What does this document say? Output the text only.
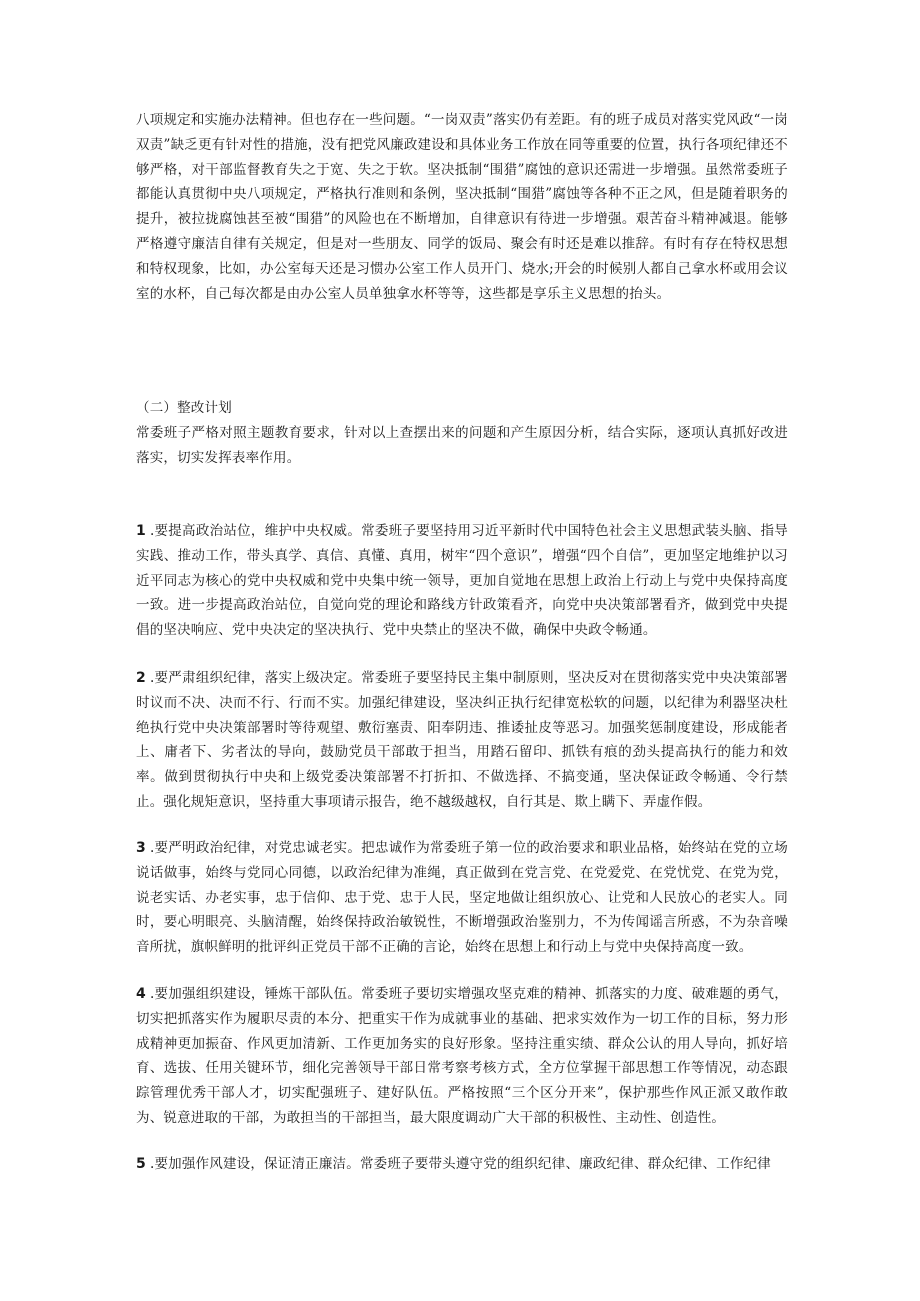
八项规定和实施办法精神。但也存在一些问题。“一岗双责”落实仍有差距。有的班子成员对落实党风政“一岗双责”缺乏更有针对性的措施，没有把党风廉政建设和具体业务工作放在同等重要的位置，执行各项纪律还不够严格，对干部监督教育失之于宽、失之于软。坚决抵制“围猎”腐蚀的意识还需进一步增强。虽然常委班子都能认真贯彻中央八项规定，严格执行准则和条例，坚决抵制“围猎”腐蚀等各种不正之风，但是随着职务的提升，被拉拢腐蚀甚至被“围猎”的风险也在不断增加，自律意识有待进一步增强。艰苦奋斗精神减退。能够严格遵守廉洁自律有关规定，但是对一些朋友、同学的饭局、聚会有时还是难以推辞。有时有存在特权思想和特权现象，比如，办公室每天还是习惯办公室工作人员开门、烧水;开会的时候别人都自己拿水杯或用会议室的水杯，自己每次都是由办公室人员单独拿水杯等等，这些都是享乐主义思想的抬头。

（二）整改计划

常委班子严格对照主题教育要求，针对以上查摆出来的问题和产生原因分析，结合实际，逐项认真抓好改进落实，切实发挥表率作用。

1 .要提高政治站位，维护中央权威。常委班子要坚持用习近平新时代中国特色社会主义思想武装头脑、指导实践、推动工作，带头真学、真信、真懂、真用，树牢“四个意识”，增强“四个自信”，更加坚定地维护以习近平同志为核心的党中央权威和党中央集中统一领导，更加自觉地在思想上政治上行动上与党中央保持高度一致。进一步提高政治站位，自觉向党的理论和路线方针政策看齐，向党中央决策部署看齐，做到党中央提倡的坚决响应、党中央决定的坚决执行、党中央禁止的坚决不做，确保中央政令畅通。

2 .要严肃组织纪律，落实上级决定。常委班子要坚持民主集中制原则，坚决反对在贯彻落实党中央决策部署时议而不决、决而不行、行而不实。加强纪律建设，坚决纠正执行纪律宽松软的问题，以纪律为利器坚决杜绝执行党中央决策部署时等待观望、敷衍塞责、阳奉阴违、推诿扯皮等恶习。加强奖惩制度建设，形成能者上、庸者下、劣者汰的导向，鼓励党员干部敢于担当，用踏石留印、抓铁有痕的劲头提高执行的能力和效率。做到贯彻执行中央和上级党委决策部署不打折扣、不做选择、不搞变通，坚决保证政令畅通、令行禁止。强化规矩意识，坚持重大事项请示报告，绝不越级越权，自行其是、欺上瞒下、弄虚作假。

3 .要严明政治纪律，对党忠诚老实。把忠诚作为常委班子第一位的政治要求和职业品格，始终站在党的立场说话做事，始终与党同心同德，以政治纪律为准绳，真正做到在党言党、在党爱党、在党忧党、在党为党，说老实话、办老实事，忠于信仰、忠于党、忠于人民，坚定地做让组织放心、让党和人民放心的老实人。同时，要心明眼亮、头脑清醒，始终保持政治敏锐性，不断增强政治鉴别力，不为传闻谣言所惑，不为杂音噪音所扰，旗帜鲜明的批评纠正党员干部不正确的言论，始终在思想上和行动上与党中央保持高度一致。

4 .要加强组织建设，锤炼干部队伍。常委班子要切实增强攻坚克难的精神、抓落实的力度、破难题的勇气，切实把抓落实作为履职尽责的本分、把重实干作为成就事业的基础、把求实效作为一切工作的目标，努力形成精神更加振奋、作风更加清新、工作更加务实的良好形象。坚持注重实绩、群众公认的用人导向，抓好培育、选拔、任用关键环节，细化完善领导干部日常考察考核方式，全方位掌握干部思想工作等情况，动态跟踪管理优秀干部人才，切实配强班子、建好队伍。严格按照“三个区分开来”，保护那些作风正派又敢作敢为、锐意进取的干部，为敢担当的干部担当，最大限度调动广大干部的积极性、主动性、创造性。

5 .要加强作风建设，保证清正廉洁。常委班子要带头遵守党的组织纪律、廉政纪律、群众纪律、工作纪律
